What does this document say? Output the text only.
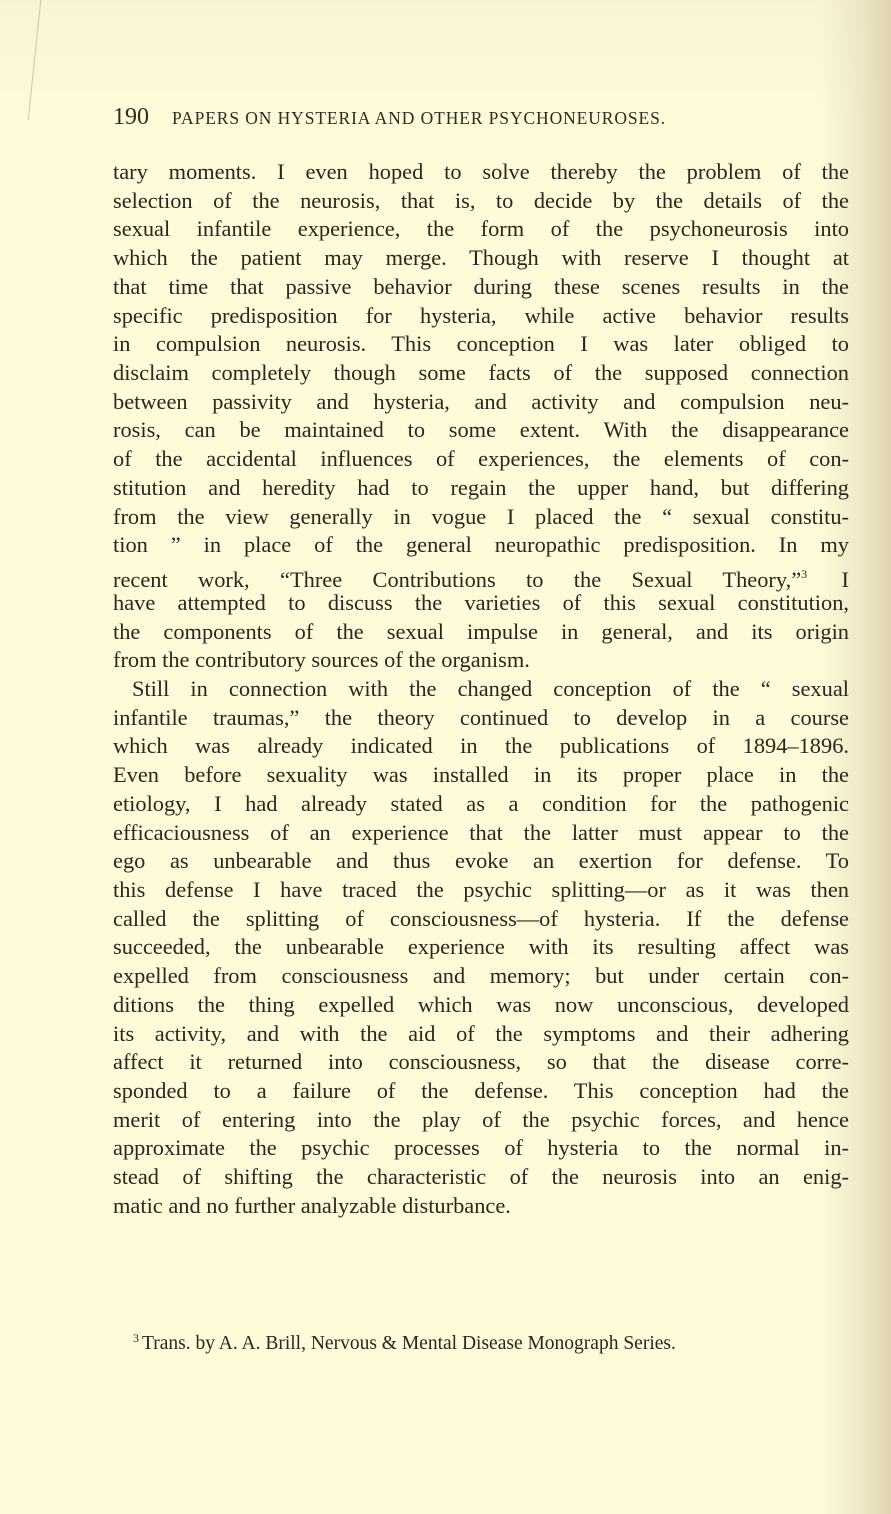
190 PAPERS ON HYSTERIA AND OTHER PSYCHONEUROSES.
tary moments. I even hoped to solve thereby the problem of the
selection of the neurosis, that is, to decide by the details of the
sexual infantile experience, the form of the psychoneurosis into
which the patient may merge. Though with reserve I thought at
that time that passive behavior during these scenes results in the
specific predisposition for hysteria, while active behavior results
in compulsion neurosis. This conception I was later obliged to
disclaim completely though some facts of the supposed connection
between passivity and hysteria, and activity and compulsion neu-
rosis, can be maintained to some extent. With the disappearance
of the accidental influences of experiences, the elements of con-
stitution and heredity had to regain the upper hand, but differing
from the view generally in vogue I placed the “ sexual constitu-
tion ” in place of the general neuropathic predisposition. In my
recent work, “Three Contributions to the Sexual Theory,”$^3$ I
have attempted to discuss the varieties of this sexual constitution,
the components of the sexual impulse in general, and its origin
from the contributory sources of the organism.
Still in connection with the changed conception of the “ sexual
infantile traumas,” the theory continued to develop in a course
which was already indicated in the publications of 1894–1896.
Even before sexuality was installed in its proper place in the
etiology, I had already stated as a condition for the pathogenic
efficaciousness of an experience that the latter must appear to the
ego as unbearable and thus evoke an exertion for defense. To
this defense I have traced the psychic splitting—or as it was then
called the splitting of consciousness—of hysteria. If the defense
succeeded, the unbearable experience with its resulting affect was
expelled from consciousness and memory; but under certain con-
ditions the thing expelled which was now unconscious, developed
its activity, and with the aid of the symptoms and their adhering
affect it returned into consciousness, so that the disease corre-
sponded to a failure of the defense. This conception had the
merit of entering into the play of the psychic forces, and hence
approximate the psychic processes of hysteria to the normal in-
stead of shifting the characteristic of the neurosis into an enig-
matic and no further analyzable disturbance.
$^3$ Trans. by A. A. Brill, Nervous & Mental Disease Monograph Series.
